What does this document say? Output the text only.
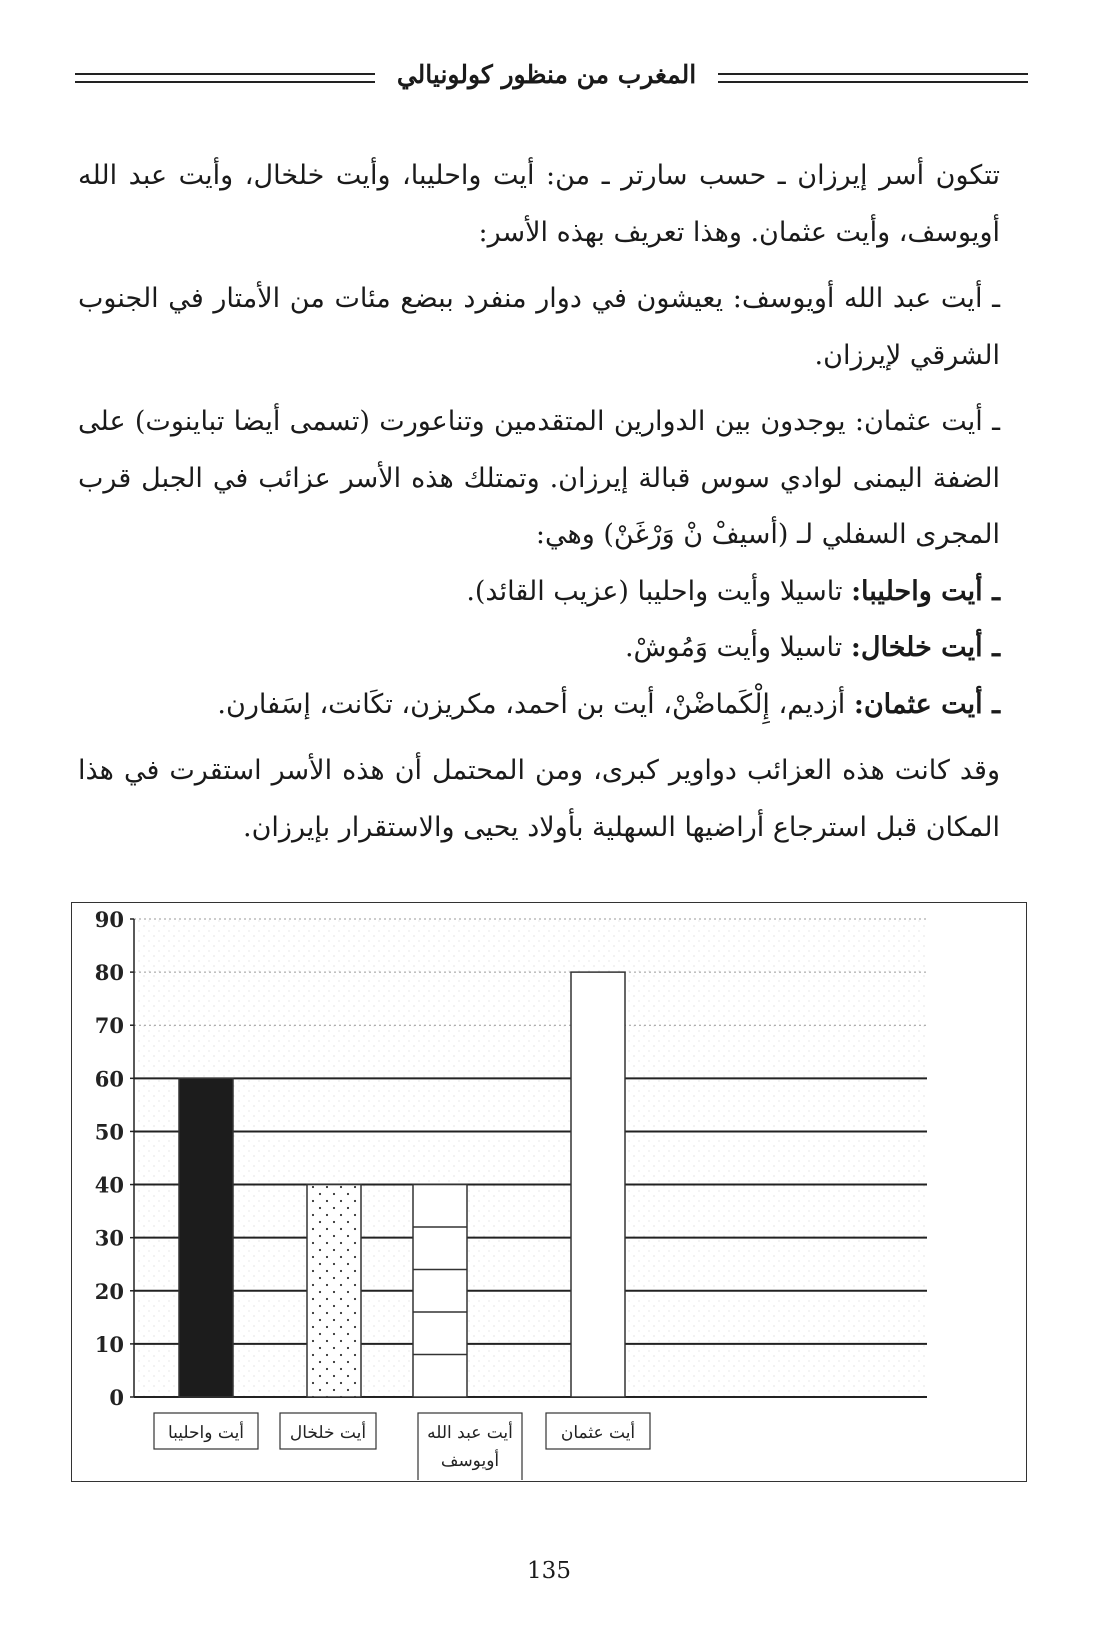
المغرب من منظور كولونيالي

تتكون أسر إيرزان ـ حسب سارتر ـ من: أيت واحليبا، وأيت خلخال، وأيت عبد الله أويوسف، وأيت عثمان. وهذا تعريف بهذه الأسر:

ـ أيت عبد الله أويوسف: يعيشون في دوار منفرد ببضع مئات من الأمتار في الجنوب الشرقي لإيرزان.

ـ أيت عثمان: يوجدون بين الدوارين المتقدمين وتناعورت (تسمى أيضا تباينوت) على الضفة اليمنى لوادي سوس قبالة إيرزان. وتمتلك هذه الأسر عزائب في الجبل قرب المجرى السفلي لـ (أسيفْ نْ وَرْغَنْ) وهي:

ـ أيت واحليبا: تاسيلا وأيت واحليبا (عزيب القائد).

ـ أيت خلخال: تاسيلا وأيت وَمُوشْ.

ـ أيت عثمان: أزديم، إِلْكَماضْنْ، أيت بن أحمد، مكريزن، تكَانت، إسَفارن.

وقد كانت هذه العزائب دواوير كبرى، ومن المحتمل أن هذه الأسر استقرت في هذا المكان قبل استرجاع أراضيها السهلية بأولاد يحيى والاستقرار بإيرزان.

0
10
20
30
40
50
60
70
80
90
أيت واحليبا	أيت خلخال	أيت عبد الله
أويوسف
أيت عثمان
135
